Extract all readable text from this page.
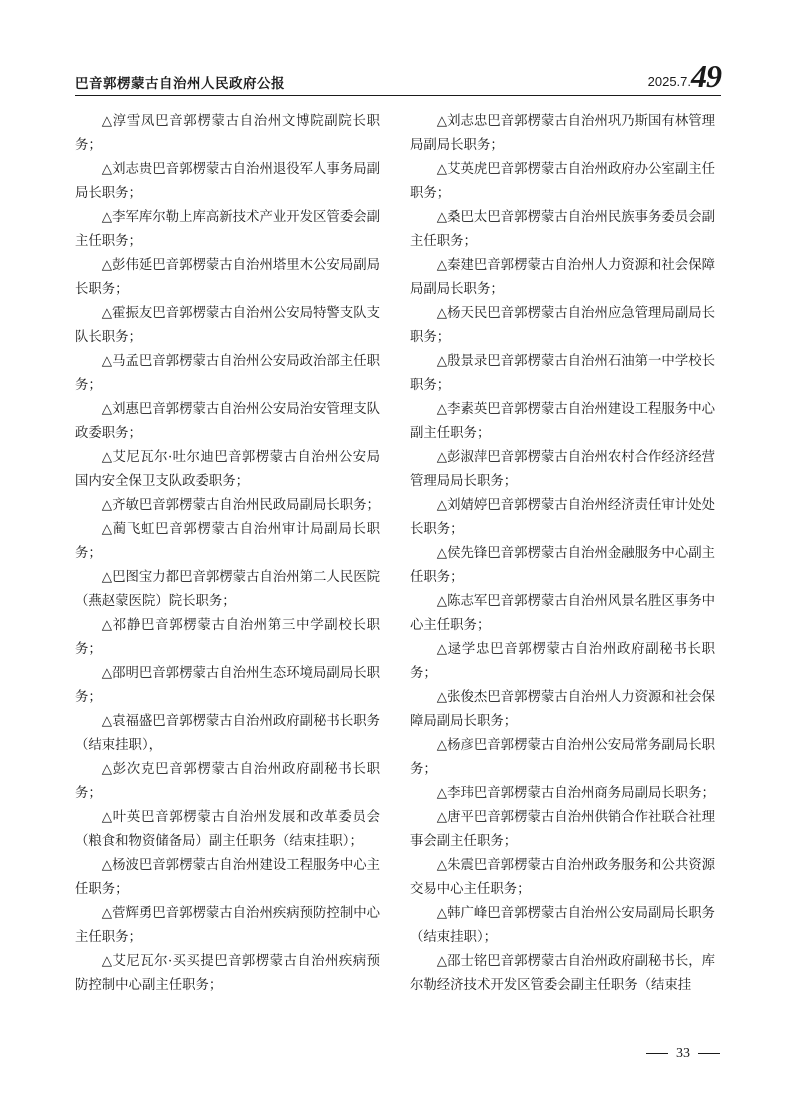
巴音郭楞蒙古自治州人民政府公报	2025.7. 49

△淳雪凤巴音郭楞蒙古自治州文博院副院长职务；

△刘志贵巴音郭楞蒙古自治州退役军人事务局副局长职务；

△李军库尔勒上库高新技术产业开发区管委会副主任职务；

△彭伟延巴音郭楞蒙古自治州塔里木公安局副局长职务；

△霍振友巴音郭楞蒙古自治州公安局特警支队支队长职务；

△马孟巴音郭楞蒙古自治州公安局政治部主任职务；

△刘惠巴音郭楞蒙古自治州公安局治安管理支队政委职务；

△艾尼瓦尔·吐尔迪巴音郭楞蒙古自治州公安局国内安全保卫支队政委职务；

△齐敏巴音郭楞蒙古自治州民政局副局长职务；

△蔺飞虹巴音郭楞蒙古自治州审计局副局长职务；

△巴图宝力都巴音郭楞蒙古自治州第二人民医院（燕赵蒙医院）院长职务；

△祁静巴音郭楞蒙古自治州第三中学副校长职务；

△邵明巴音郭楞蒙古自治州生态环境局副局长职务；

△袁福盛巴音郭楞蒙古自治州政府副秘书长职务（结束挂职），

△彭次克巴音郭楞蒙古自治州政府副秘书长职务；

△叶英巴音郭楞蒙古自治州发展和改革委员会（粮食和物资储备局）副主任职务（结束挂职）；

△杨波巴音郭楞蒙古自治州建设工程服务中心主任职务；

△菅辉勇巴音郭楞蒙古自治州疾病预防控制中心主任职务；

△艾尼瓦尔·买买提巴音郭楞蒙古自治州疾病预防控制中心副主任职务；

△刘志忠巴音郭楞蒙古自治州巩乃斯国有林管理局副局长职务；

△艾英虎巴音郭楞蒙古自治州政府办公室副主任职务；

△桑巴太巴音郭楞蒙古自治州民族事务委员会副主任职务；

△秦建巴音郭楞蒙古自治州人力资源和社会保障局副局长职务；

△杨天民巴音郭楞蒙古自治州应急管理局副局长职务；

△殷景录巴音郭楞蒙古自治州石油第一中学校长职务；

△李素英巴音郭楞蒙古自治州建设工程服务中心副主任职务；

△彭淑萍巴音郭楞蒙古自治州农村合作经济经营管理局局长职务；

△刘婧婷巴音郭楞蒙古自治州经济责任审计处处长职务；

△侯先锋巴音郭楞蒙古自治州金融服务中心副主任职务；

△陈志军巴音郭楞蒙古自治州风景名胜区事务中心主任职务；

△逯学忠巴音郭楞蒙古自治州政府副秘书长职务；

△张俊杰巴音郭楞蒙古自治州人力资源和社会保障局副局长职务；

△杨彦巴音郭楞蒙古自治州公安局常务副局长职务；

△李玮巴音郭楞蒙古自治州商务局副局长职务；

△唐平巴音郭楞蒙古自治州供销合作社联合社理事会副主任职务；

△朱震巴音郭楞蒙古自治州政务服务和公共资源交易中心主任职务；

△韩广峰巴音郭楞蒙古自治州公安局副局长职务（结束挂职）；

△邵士铭巴音郭楞蒙古自治州政府副秘书长，库尔勒经济技术开发区管委会副主任职务（结束挂

33
